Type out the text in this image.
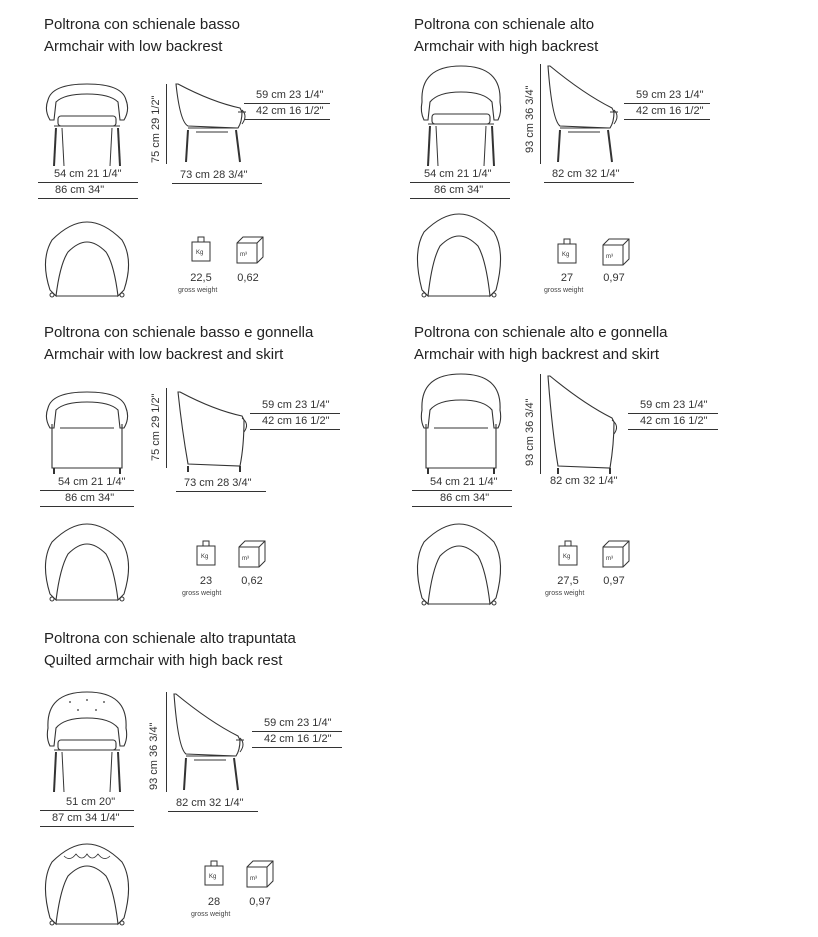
Poltrona con schienale basso
Armchair with low backrest
54 cm 21 1/4"
86 cm 34"
75 cm 29 1/2"
73 cm 28 3/4"
59 cm 23 1/4"
42 cm 16 1/2"
Kg
22,5
gross weight
m³
0,62
Poltrona con schienale alto
Armchair with high backrest
54 cm 21 1/4"
86 cm 34"
93 cm 36 3/4"
82 cm 32 1/4"
59 cm 23 1/4"
42 cm 16 1/2"
Kg
27
gross weight
m³
0,97
Poltrona con schienale basso e gonnella
Armchair with low backrest and skirt
54 cm 21 1/4"
86 cm 34"
75 cm 29 1/2"
73 cm 28 3/4"
59 cm 23 1/4"
42 cm 16 1/2"
Kg
23
gross weight
m³
0,62
Poltrona con schienale alto e gonnella
Armchair with high backrest and skirt
54 cm 21 1/4"
86 cm 34"
93 cm 36 3/4"
82 cm 32 1/4"
59 cm 23 1/4"
42 cm 16 1/2"
Kg
27,5
gross weight
m³
0,97
Poltrona con schienale alto trapuntata
Quilted armchair with high back rest
51 cm 20"
87 cm 34 1/4"
93 cm 36 3/4"
82 cm 32 1/4"
59 cm 23 1/4"
42 cm 16 1/2"
Kg
28
gross weight
m³
0,97
